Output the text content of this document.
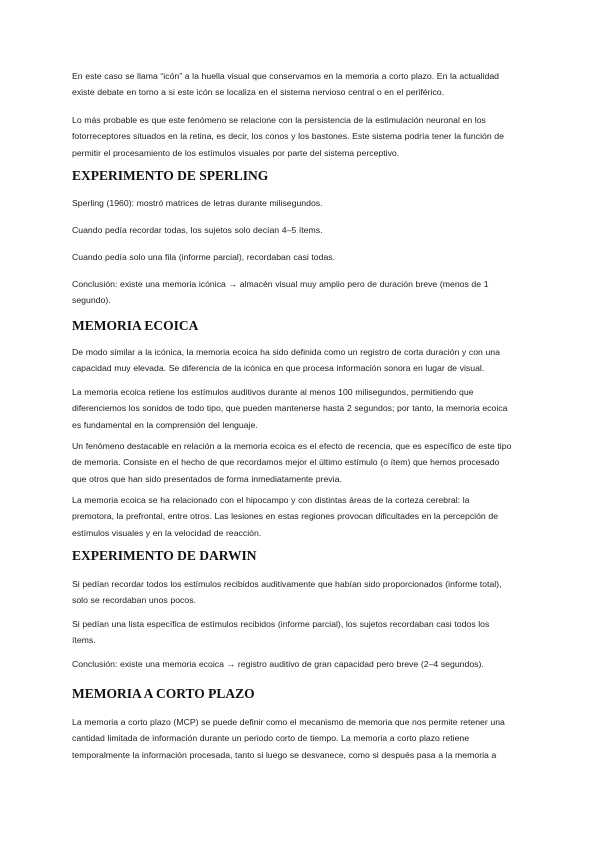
En este caso se llama “icón” a la huella visual que conservamos en la memoria a corto plazo. En la actualidad existe debate en torno a si este icón se localiza en el sistema nervioso central o en el periférico.

Lo más probable es que este fenómeno se relacione con la persistencia de la estimulación neuronal en los fotorreceptores situados en la retina, es decir, los conos y los bastones. Este sistema podría tener la función de permitir el procesamiento de los estímulos visuales por parte del sistema perceptivo.

EXPERIMENTO DE SPERLING

Sperling (1960): mostró matrices de letras durante milisegundos.

Cuando pedía recordar todas, los sujetos solo decían 4–5 ítems.

Cuando pedía solo una fila (informe parcial), recordaban casi todas.

Conclusión: existe una memoria icónica → almacén visual muy amplio pero de duración breve (menos de 1 segundo).

MEMORIA ECOICA

De modo similar a la icónica, la memoria ecoica ha sido definida como un registro de corta duración y con una capacidad muy elevada. Se diferencia de la icónica en que procesa información sonora en lugar de visual.

La memoria ecoica retiene los estímulos auditivos durante al menos 100 milisegundos, permitiendo que diferenciemos los sonidos de todo tipo, que pueden mantenerse hasta 2 segundos; por tanto, la memoria ecoica es fundamental en la comprensión del lenguaje.

Un fenómeno destacable en relación a la memoria ecoica es el efecto de recencia, que es específico de este tipo de memoria. Consiste en el hecho de que recordamos mejor el último estímulo (o ítem) que hemos procesado que otros que han sido presentados de forma inmediatamente previa.

La memoria ecoica se ha relacionado con el hipocampo y con distintas áreas de la corteza cerebral: la premotora, la prefrontal, entre otros. Las lesiones en estas regiones provocan dificultades en la percepción de estímulos visuales y en la velocidad de reacción.

EXPERIMENTO DE DARWIN

Si pedían recordar todos los estímulos recibidos auditivamente que habían sido proporcionados (informe total), solo se recordaban unos pocos.

Si pedían una lista específica de estímulos recibidos (informe parcial), los sujetos recordaban casi todos los ítems.

Conclusión: existe una memoria ecoica → registro auditivo de gran capacidad pero breve (2–4 segundos).

MEMORIA A CORTO PLAZO

La memoria a corto plazo (MCP) se puede definir como el mecanismo de memoria que nos permite retener una cantidad limitada de información durante un periodo corto de tiempo. La memoria a corto plazo retiene temporalmente la información procesada, tanto si luego se desvanece, como si después pasa a la memoria a
